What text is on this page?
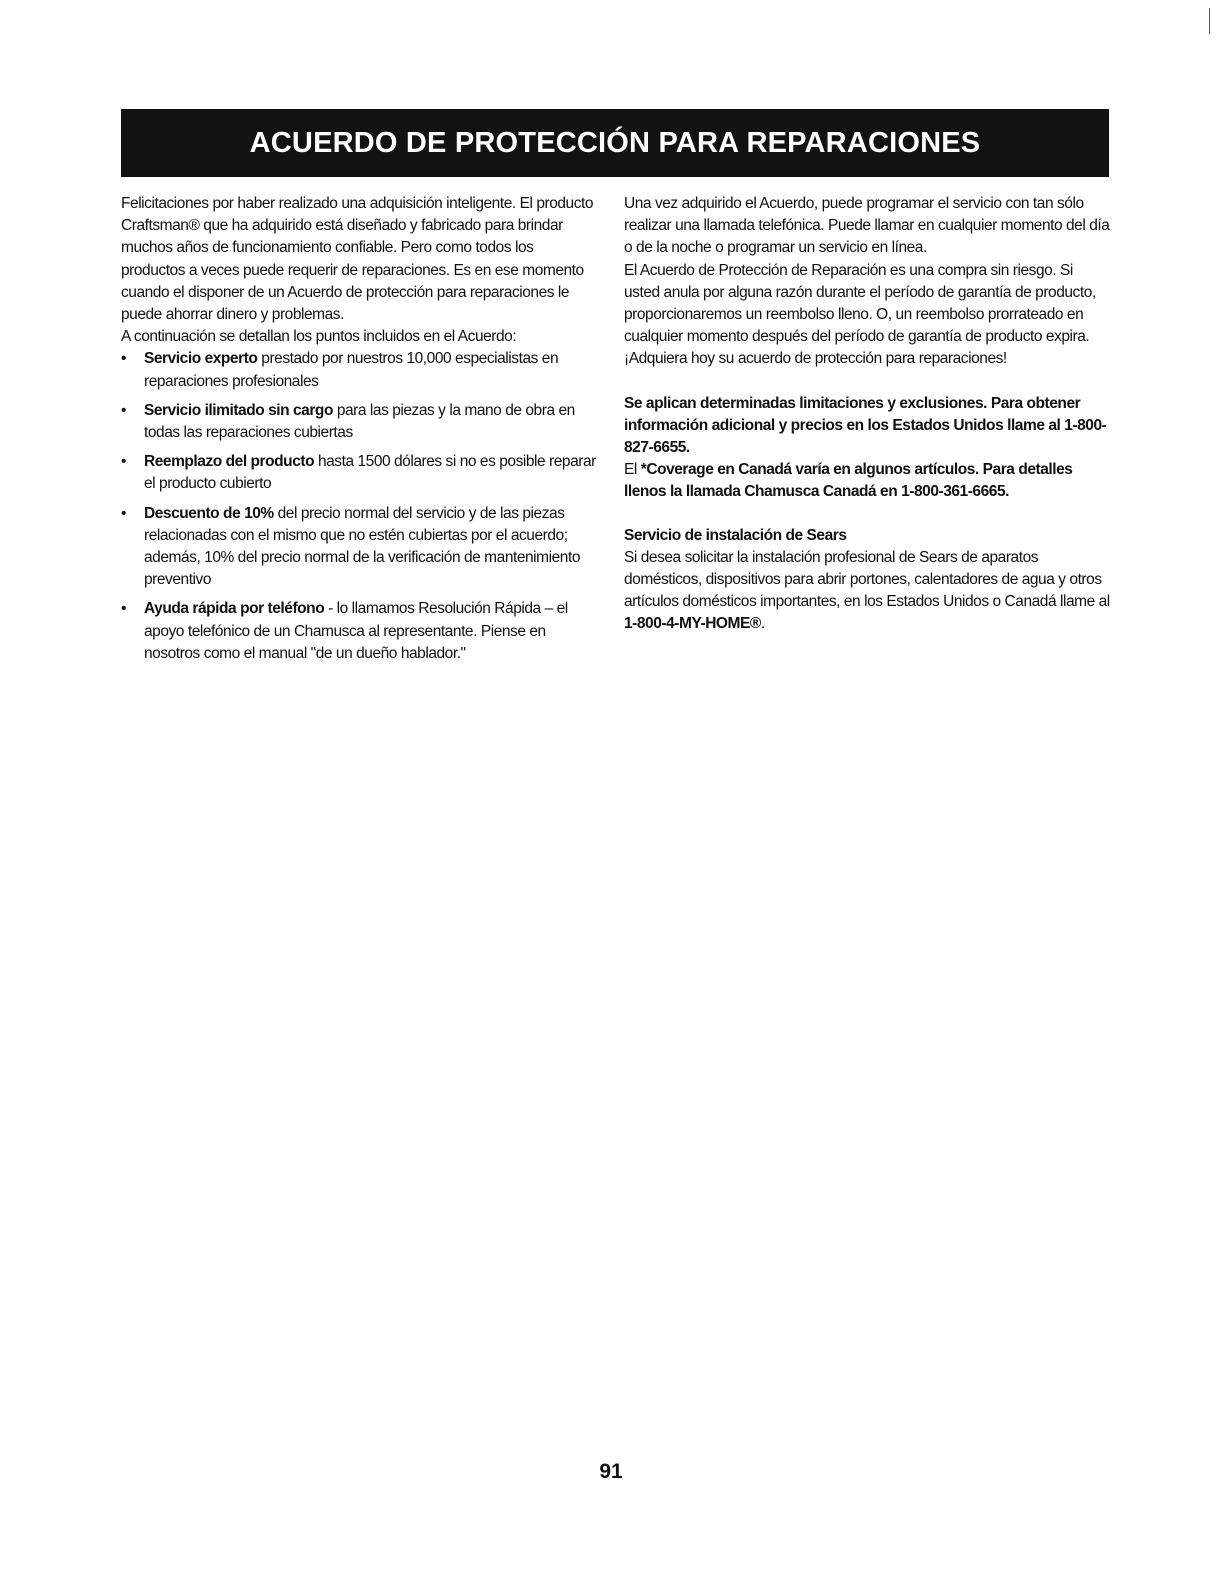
ACUERDO DE PROTECCIÓN PARA REPARACIONES

Felicitaciones por haber realizado una adquisición inteligente. El producto Craftsman® que ha adquirido está diseñado y fabricado para brindar muchos años de funcionamiento confiable. Pero como todos los productos a veces puede requerir de reparaciones. Es en ese momento cuando el disponer de un Acuerdo de protección para reparaciones le puede ahorrar dinero y problemas.

A continuación se detallan los puntos incluidos en el Acuerdo:

• Servicio experto prestado por nuestros 10,000 especialistas en reparaciones profesionales
• Servicio ilimitado sin cargo para las piezas y la mano de obra en todas las reparaciones cubiertas
• Reemplazo del producto hasta 1500 dólares si no es posible reparar el producto cubierto
• Descuento de 10% del precio normal del servicio y de las piezas relacionadas con el mismo que no estén cubiertas por el acuerdo; además, 10% del precio normal de la verificación de mantenimiento preventivo
• Ayuda rápida por teléfono - lo llamamos Resolución Rápida – el apoyo telefónico de un Chamusca al representante. Piense en nosotros como el manual "de un dueño hablador."

Una vez adquirido el Acuerdo, puede programar el servicio con tan sólo realizar una llamada telefónica. Puede llamar en cualquier momento del día o de la noche o programar un servicio en línea.

El Acuerdo de Protección de Reparación es una compra sin riesgo. Si usted anula por alguna razón durante el período de garantía de producto, proporcionaremos un reembolso lleno. O, un reembolso prorrateado en cualquier momento después del período de garantía de producto expira. ¡Adquiera hoy su acuerdo de protección para reparaciones!

Se aplican determinadas limitaciones y exclusiones. Para obtener información adicional y precios en los Estados Unidos llame al 1-800-827-6655.

El *Coverage en Canadá varía en algunos artículos. Para detalles llenos la llamada Chamusca Canadá en 1-800-361-6665.

Servicio de instalación de Sears

Si desea solicitar la instalación profesional de Sears de aparatos domésticos, dispositivos para abrir portones, calentadores de agua y otros artículos domésticos importantes, en los Estados Unidos o Canadá llame al 1-800-4-MY-HOME®.

91
